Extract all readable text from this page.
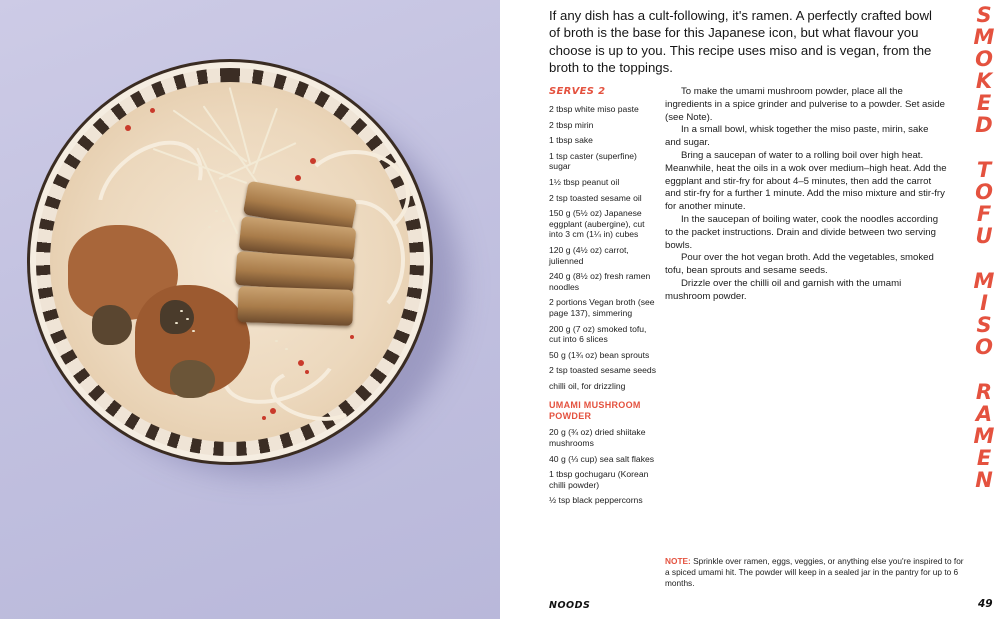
If any dish has a cult-following, it's ramen. A perfectly crafted bowl of broth is the base for this Japanese icon, but what flavour you choose is up to you. This recipe uses miso and is vegan, from the broth to the toppings.

SERVES 2
2 tbsp white miso paste
2 tbsp mirin
1 tbsp sake
1 tsp caster (superfine) sugar
1½ tbsp peanut oil
2 tsp toasted sesame oil
150 g (5½ oz) Japanese eggplant (aubergine), cut into 3 cm (1¼ in) cubes
120 g (4½ oz) carrot, julienned
240 g (8½ oz) fresh ramen noodles
2 portions Vegan broth (see page 137), simmering
200 g (7 oz) smoked tofu, cut into 6 slices
50 g (1¾ oz) bean sprouts
2 tsp toasted sesame seeds
chilli oil, for drizzling
UMAMI MUSHROOM POWDER
20 g (¾ oz) dried shiitake mushrooms
40 g (⅓ cup) sea salt flakes
1 tbsp gochugaru (Korean chilli powder)
½ tsp black peppercorns

To make the umami mushroom powder, place all the ingredients in a spice grinder and pulverise to a powder. Set aside (see Note).

In a small bowl, whisk together the miso paste, mirin, sake and sugar.

Bring a saucepan of water to a rolling boil over high heat. Meanwhile, heat the oils in a wok over medium–high heat. Add the eggplant and stir-fry for about 4–5 minutes, then add the carrot and stir-fry for a further 1 minute. Add the miso mixture and stir-fry for another minute.

In the saucepan of boiling water, cook the noodles according to the packet instructions. Drain and divide between two serving bowls.

Pour over the hot vegan broth. Add the vegetables, smoked tofu, bean sprouts and sesame seeds.

Drizzle over the chilli oil and garnish with the umami mushroom powder.

NOTE: Sprinkle over ramen, eggs, veggies, or anything else you're inspired to for a spiced umami hit. The powder will keep in a sealed jar in the pantry for up to 6 months.
S
M
O
K
E
D
T
O
F
U
M
I
S
O
R
A
M
E
N
NOODS	49
